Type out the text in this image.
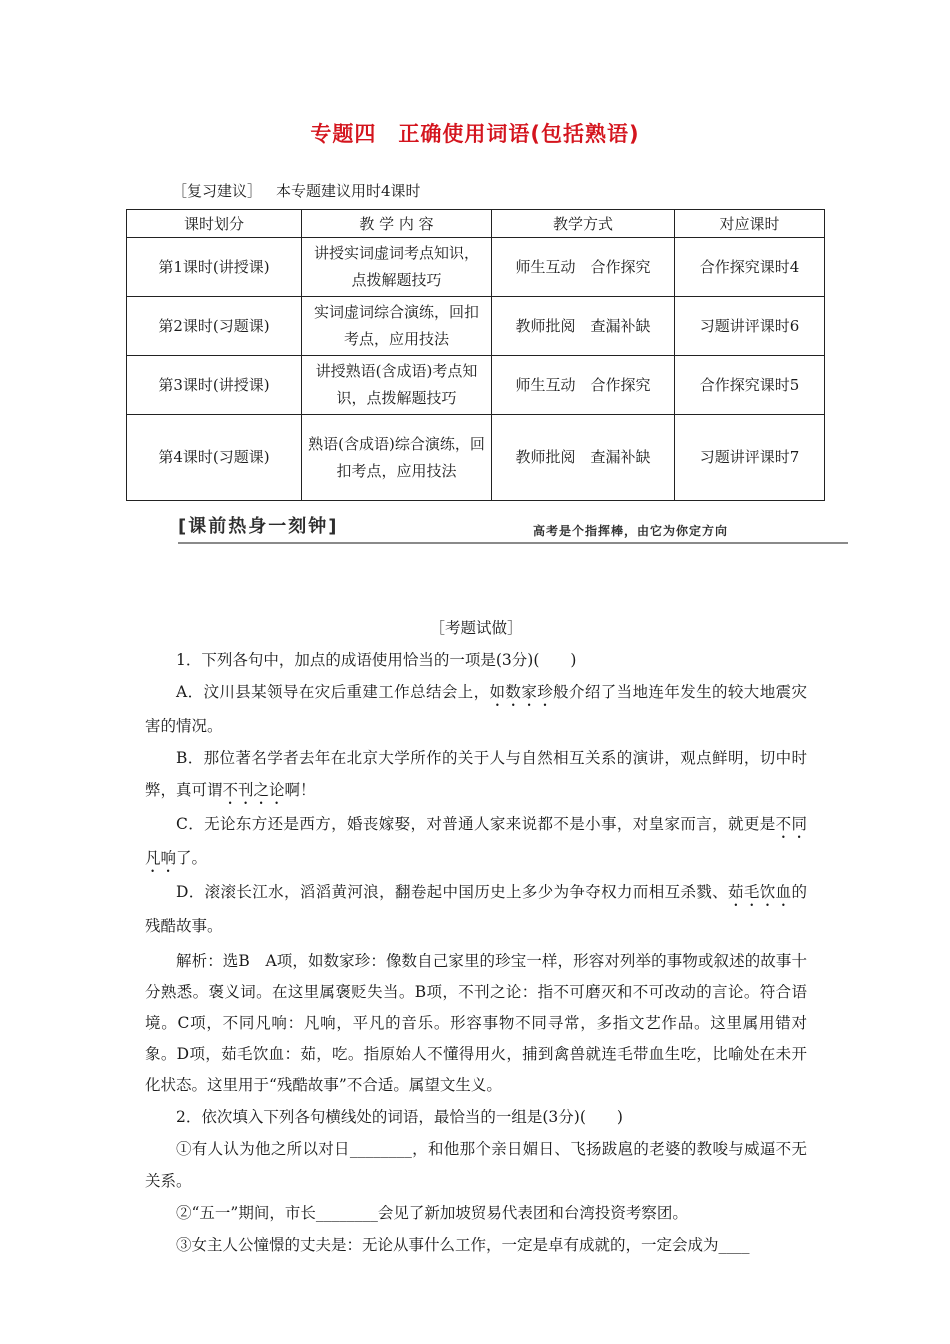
专题四 正确使用词语(包括熟语)
［复习建议］ 本专题建议用时4课时
课时划分	教 学 内 容	教学方式	对应课时
第1课时(讲授课)	讲授实词虚词考点知识，点拨解题技巧	师生互动　合作探究	合作探究课时4
第2课时(习题课)	实词虚词综合演练，回扣考点，应用技法	教师批阅　查漏补缺	习题讲评课时6
第3课时(讲授课)	讲授熟语(含成语)考点知识，点拨解题技巧	师生互动　合作探究	合作探究课时5
第4课时(习题课)	熟语(含成语)综合演练，回扣考点，应用技法	教师批阅　查漏补缺	习题讲评课时7
[课前热身一刻钟]	高考是个指挥棒，由它为你定方向
［考题试做］

1．下列各句中，加点的成语使用恰当的一项是(3分)(　　)

A．汶川县某领导在灾后重建工作总结会上，如数家珍般介绍了当地连年发生的较大地震灾害的情况。

B．那位著名学者去年在北京大学所作的关于人与自然相互关系的演讲，观点鲜明，切中时弊，真可谓不刊之论啊！

C．无论东方还是西方，婚丧嫁娶，对普通人家来说都不是小事，对皇家而言，就更是不同凡响了。

D．滚滚长江水，滔滔黄河浪，翻卷起中国历史上多少为争夺权力而相互杀戮、茹毛饮血的残酷故事。

解析：选B　A项，如数家珍：像数自己家里的珍宝一样，形容对列举的事物或叙述的故事十分熟悉。褒义词。在这里属褒贬失当。B项，不刊之论：指不可磨灭和不可改动的言论。符合语境。C项，不同凡响：凡响，平凡的音乐。形容事物不同寻常，多指文艺作品。这里属用错对象。D项，茹毛饮血：茹，吃。指原始人不懂得用火，捕到禽兽就连毛带血生吃，比喻处在未开化状态。这里用于“残酷故事”不合适。属望文生义。

2．依次填入下列各句横线处的词语，最恰当的一组是(3分)(　　)

①有人认为他之所以对日________，和他那个亲日媚日、飞扬跋扈的老婆的教唆与威逼不无关系。

②“五一”期间，市长________会见了新加坡贸易代表团和台湾投资考察团。

③女主人公憧憬的丈夫是：无论从事什么工作，一定是卓有成就的，一定会成为____
